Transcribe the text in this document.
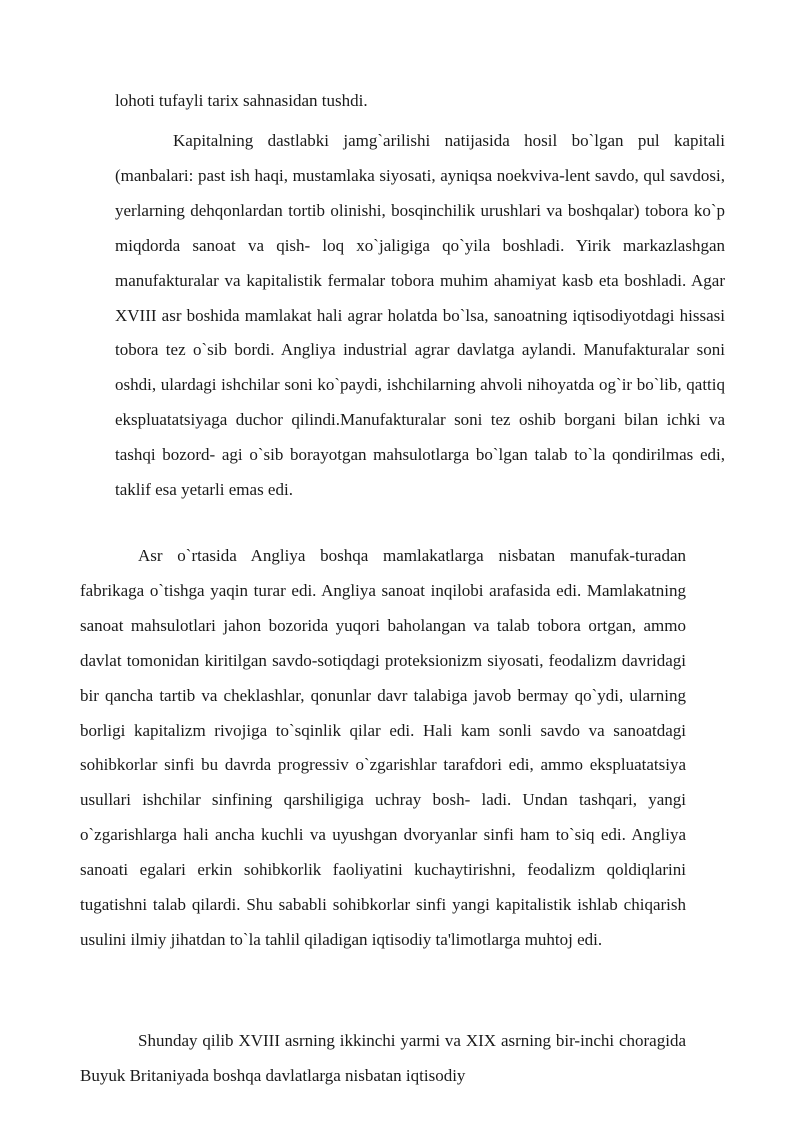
lohoti tufayli tarix sahnasidan tushdi.

Kapitalning dastlabki jamg`arilishi natijasida hosil bo`lgan pul kapitali (manbalari: past ish haqi, mustamlaka siyosati, ayniqsa noekviva-lent savdo, qul savdosi, yerlarning dehqonlardan tortib olinishi, bosqinchilik urushlari va boshqalar) tobora ko`p miqdorda sanoat va qish- loq xo`jaligiga qo`yila boshladi. Yirik markazlashgan manufakturalar va kapitalistik fermalar tobora muhim ahamiyat kasb eta boshladi. Agar XVIII asr boshida mamlakat hali agrar holatda bo`lsa, sanoatning iqtisodiyotdagi hissasi tobora tez o`sib bordi. Angliya industrial agrar davlatga aylandi. Manufakturalar soni oshdi, ulardagi ishchilar soni ko`paydi, ishchilarning ahvoli nihoyatda og`ir bo`lib, qattiq ekspluatatsiyaga duchor qilindi.Manufakturalar soni tez oshib borgani bilan ichki va tashqi bozord- agi o`sib borayotgan mahsulotlarga bo`lgan talab to`la qondirilmas edi, taklif esa yetarli emas edi.

Asr o`rtasida Angliya boshqa mamlakatlarga nisbatan manufak-turadan fabrikaga o`tishga yaqin turar edi. Angliya sanoat inqilobi arafasida edi. Mamlakatning sanoat mahsulotlari jahon bozorida yuqori baholangan va talab tobora ortgan, ammo davlat tomonidan kiritilgan savdo-sotiqdagi proteksionizm siyosati, feodalizm davridagi bir qancha tartib va cheklashlar, qonunlar davr talabiga javob bermay qo`ydi, ularning borligi kapitalizm rivojiga to`sqinlik qilar edi. Hali kam sonli savdo va sanoatdagi sohibkorlar sinfi bu davrda progressiv o`zgarishlar tarafdori edi, ammo ekspluatatsiya usullari ishchilar sinfining qarshiligiga uchray bosh- ladi. Undan tashqari, yangi o`zgarishlarga hali ancha kuchli va uyushgan dvoryanlar sinfi ham to`siq edi. Angliya sanoati egalari erkin sohibkorlik faoliyatini kuchaytirishni, feodalizm qoldiqlarini tugatishni talab qilardi. Shu sababli sohibkorlar sinfi yangi kapitalistik ishlab chiqarish usulini ilmiy jihatdan to`la tahlil qiladigan iqtisodiy ta'limotlarga muhtoj edi.

Shunday qilib XVIII asrning ikkinchi yarmi va XIX asrning bir-inchi choragida Buyuk Britaniyada boshqa davlatlarga nisbatan iqtisodiy
